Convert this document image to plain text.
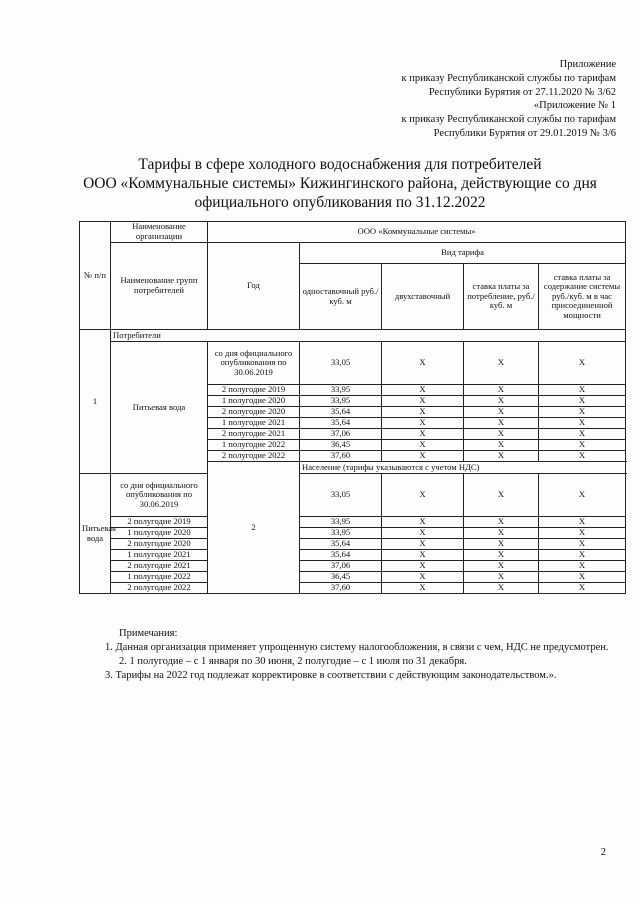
Приложение
к приказу Республиканской службы по тарифам
Республики Бурятия от 27.11.2020 № 3/62
«Приложение № 1
к приказу Республиканской службы по тарифам
Республики Бурятия от 29.01.2019 № 3/6
Тарифы в сфере холодного водоснабжения для потребителей
ООО «Коммунальные системы» Кижингинского района, действующие со дня
официального опубликования по 31.12.2022
№ п/п	Наименование организации	ООО «Коммунальные системы»				
	Наименование групп потребителей	Год	Вид тарифа			
			одноставочный руб./ куб. м	двухставочный	ставка платы за потребление, руб./ куб. м	ставка платы за содержание системы руб./куб. м в час присоединенной мощности
1	Потребители					
	Питьевая вода	со дня официального опубликования по 30.06.2019	33,05	Х	Х	Х
		2 полугодие 2019	33,95	Х	Х	Х
		1 полугодие 2020	33,95	Х	Х	Х
		2 полугодие 2020	35,64	Х	Х	Х
		1 полугодие 2021	35,64	Х	Х	Х
		2 полугодие 2021	37,06	Х	Х	Х
		1 полугодие 2022	36,45	Х	Х	Х
		2 полугодие 2022	37,60	Х	Х	Х
		2	Население (тарифы указываются с учетом НДС)			
Питьевая вода	со дня официального опубликования по 30.06.2019		33,05	Х	Х	Х
	2 полугодие 2019		33,95	Х	Х	Х
	1 полугодие 2020		33,95	Х	Х	Х
	2 полугодие 2020		35,64	Х	Х	Х
	1 полугодие 2021		35,64	Х	Х	Х
	2 полугодие 2021		37,06	Х	Х	Х
	1 полугодие 2022		36,45	Х	Х	Х
	2 полугодие 2022		37,60	Х	Х	Х
Примечания:
1. Данная организация применяет упрощенную систему налогообложения, в связи с чем, НДС не предусмотрен.
2. 1 полугодие – с 1 января по 30 июня, 2 полугодие – с 1 июля по 31 декабря.
3. Тарифы на 2022 год подлежат корректировке в соответствии с действующим законодательством.».
2
